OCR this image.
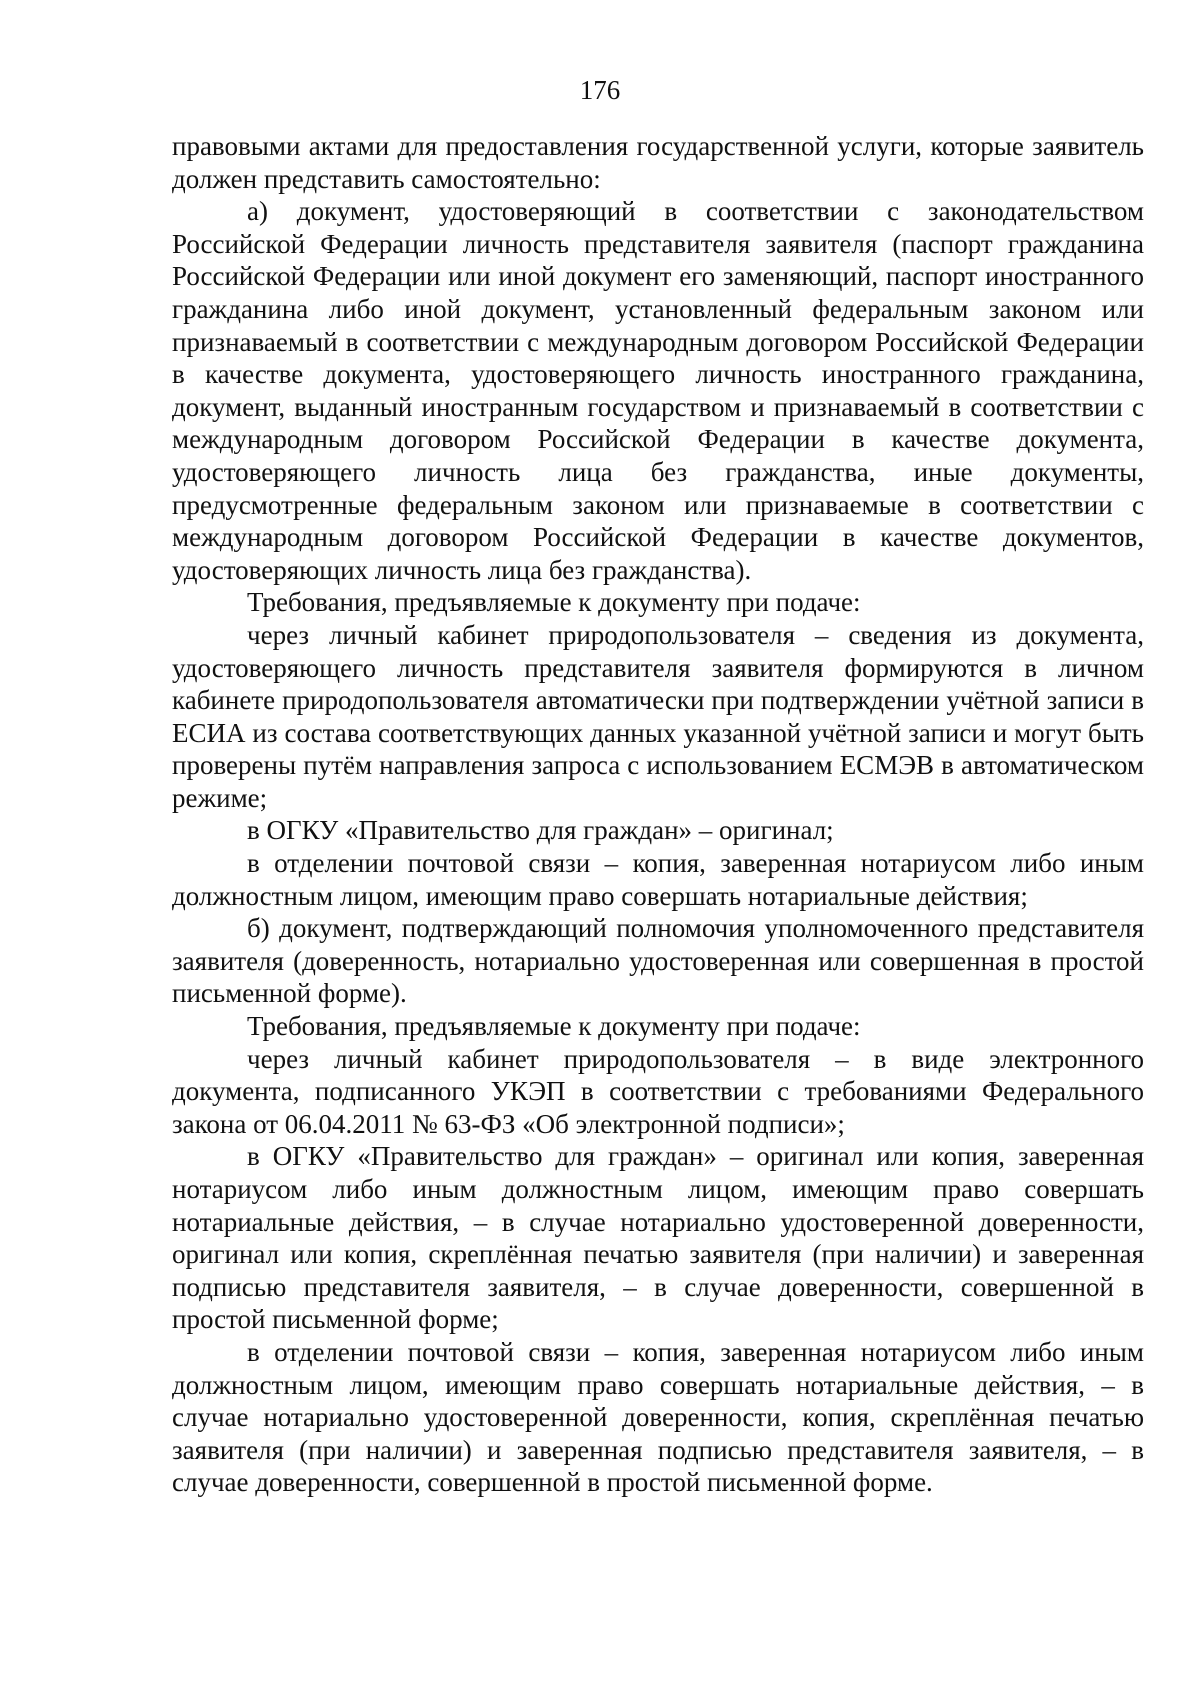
176

правовыми актами для предоставления государственной услуги, которые заявитель должен представить самостоятельно:

а) документ, удостоверяющий в соответствии с законодательством Российской Федерации личность представителя заявителя (паспорт гражданина Российской Федерации или иной документ его заменяющий, паспорт иностранного гражданина либо иной документ, установленный федеральным законом или признаваемый в соответствии с международным договором Российской Федерации в качестве документа, удостоверяющего личность иностранного гражданина, документ, выданный иностранным государством и признаваемый в соответствии с международным договором Российской Федерации в качестве документа, удостоверяющего личность лица без гражданства, иные документы, предусмотренные федеральным законом или признаваемые в соответствии с международным договором Российской Федерации в качестве документов, удостоверяющих личность лица без гражданства).

Требования, предъявляемые к документу при подаче:

через личный кабинет природопользователя – сведения из документа, удостоверяющего личность представителя заявителя формируются в личном кабинете природопользователя автоматически при подтверждении учётной записи в ЕСИА из состава соответствующих данных указанной учётной записи и могут быть проверены путём направления запроса с использованием ЕСМЭВ в автоматическом режиме;

в ОГКУ «Правительство для граждан» – оригинал;

в отделении почтовой связи – копия, заверенная нотариусом либо иным должностным лицом, имеющим право совершать нотариальные действия;

б) документ, подтверждающий полномочия уполномоченного представителя заявителя (доверенность, нотариально удостоверенная или совершенная в простой письменной форме).

Требования, предъявляемые к документу при подаче:

через личный кабинет природопользователя – в виде электронного документа, подписанного УКЭП в соответствии с требованиями Федерального закона от 06.04.2011 № 63-ФЗ «Об электронной подписи»;

в ОГКУ «Правительство для граждан» – оригинал или копия, заверенная нотариусом либо иным должностным лицом, имеющим право совершать нотариальные действия, – в случае нотариально удостоверенной доверенности, оригинал или копия, скреплённая печатью заявителя (при наличии) и заверенная подписью представителя заявителя, – в случае доверенности, совершенной в простой письменной форме;

в отделении почтовой связи – копия, заверенная нотариусом либо иным должностным лицом, имеющим право совершать нотариальные действия, – в случае нотариально удостоверенной доверенности, копия, скреплённая печатью заявителя (при наличии) и заверенная подписью представителя заявителя, – в случае доверенности, совершенной в простой письменной форме.
